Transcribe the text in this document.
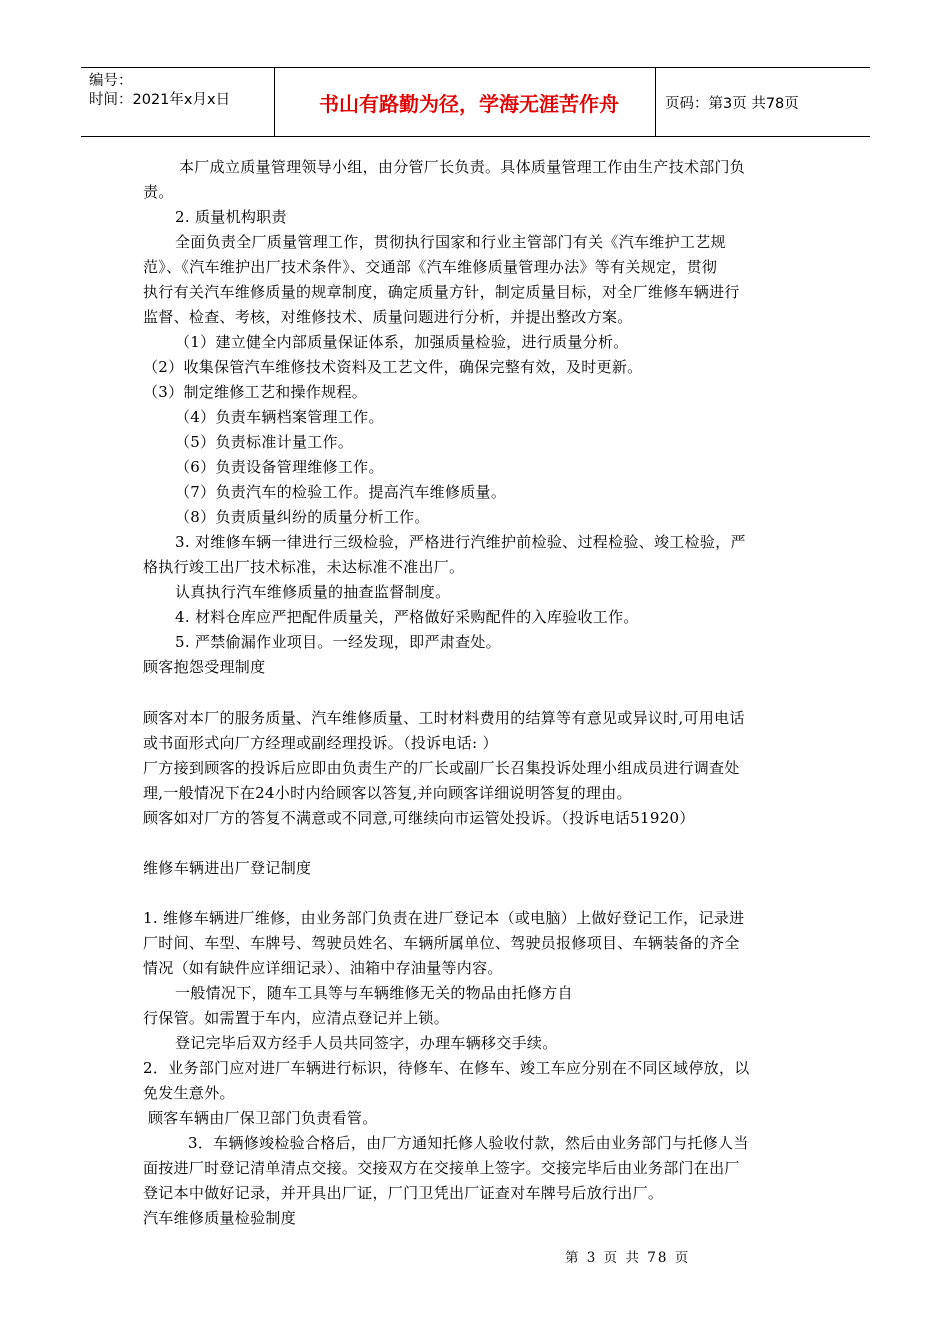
编号：
时间：2021年x月x日	书山有路勤为径，学海无涯苦作舟	页码：第3页 共78页
本厂成立质量管理领导小组，由分管厂长负责。具体质量管理工作由生产技术部门负
责。
2. 质量机构职责
全面负责全厂质量管理工作，贯彻执行国家和行业主管部门有关《汽车维护工艺规
范》、《汽车维护出厂技术条件》、交通部《汽车维修质量管理办法》等有关规定，贯彻
执行有关汽车维修质量的规章制度，确定质量方针，制定质量目标，对全厂维修车辆进行
监督、检查、考核，对维修技术、质量问题进行分析，并提出整改方案。
（1）建立健全内部质量保证体系，加强质量检验，进行质量分析。
（2）收集保管汽车维修技术资料及工艺文件，确保完整有效，及时更新。
（3）制定维修工艺和操作规程。
（4）负责车辆档案管理工作。
（5）负责标准计量工作。
（6）负责设备管理维修工作。
（7）负责汽车的检验工作。提高汽车维修质量。
（8）负责质量纠纷的质量分析工作。
3. 对维修车辆一律进行三级检验，严格进行汽维护前检验、过程检验、竣工检验，严
格执行竣工出厂技术标准，未达标准不准出厂。
认真执行汽车维修质量的抽查监督制度。
4. 材料仓库应严把配件质量关，严格做好采购配件的入库验收工作。
5. 严禁偷漏作业项目。一经发现，即严肃查处。
顾客抱怨受理制度
顾客对本厂的服务质量、汽车维修质量、工时材料费用的结算等有意见或异议时,可用电话
或书面形式向厂方经理或副经理投诉。（投诉电话: ）
厂方接到顾客的投诉后应即由负责生产的厂长或副厂长召集投诉处理小组成员进行调查处
理,一般情况下在24小时内给顾客以答复,并向顾客详细说明答复的理由。
顾客如对厂方的答复不满意或不同意,可继续向市运管处投诉。（投诉电话51920）
维修车辆进出厂登记制度
1. 维修车辆进厂维修，由业务部门负责在进厂登记本（或电脑）上做好登记工作，记录进
厂时间、车型、车牌号、驾驶员姓名、车辆所属单位、驾驶员报修项目、车辆装备的齐全
情况（如有缺件应详细记录）、油箱中存油量等内容。
一般情况下，随车工具等与车辆维修无关的物品由托修方自
行保管。如需置于车内，应清点登记并上锁。
登记完毕后双方经手人员共同签字，办理车辆移交手续。
2．业务部门应对进厂车辆进行标识，待修车、在修车、竣工车应分别在不同区域停放，以
免发生意外。
顾客车辆由厂保卫部门负责看管。
3．车辆修竣检验合格后，由厂方通知托修人验收付款，然后由业务部门与托修人当
面按进厂时登记清单清点交接。交接双方在交接单上签字。交接完毕后由业务部门在出厂
登记本中做好记录，并开具出厂证，厂门卫凭出厂证查对车牌号后放行出厂。
汽车维修质量检验制度
第 3 页 共 78 页
